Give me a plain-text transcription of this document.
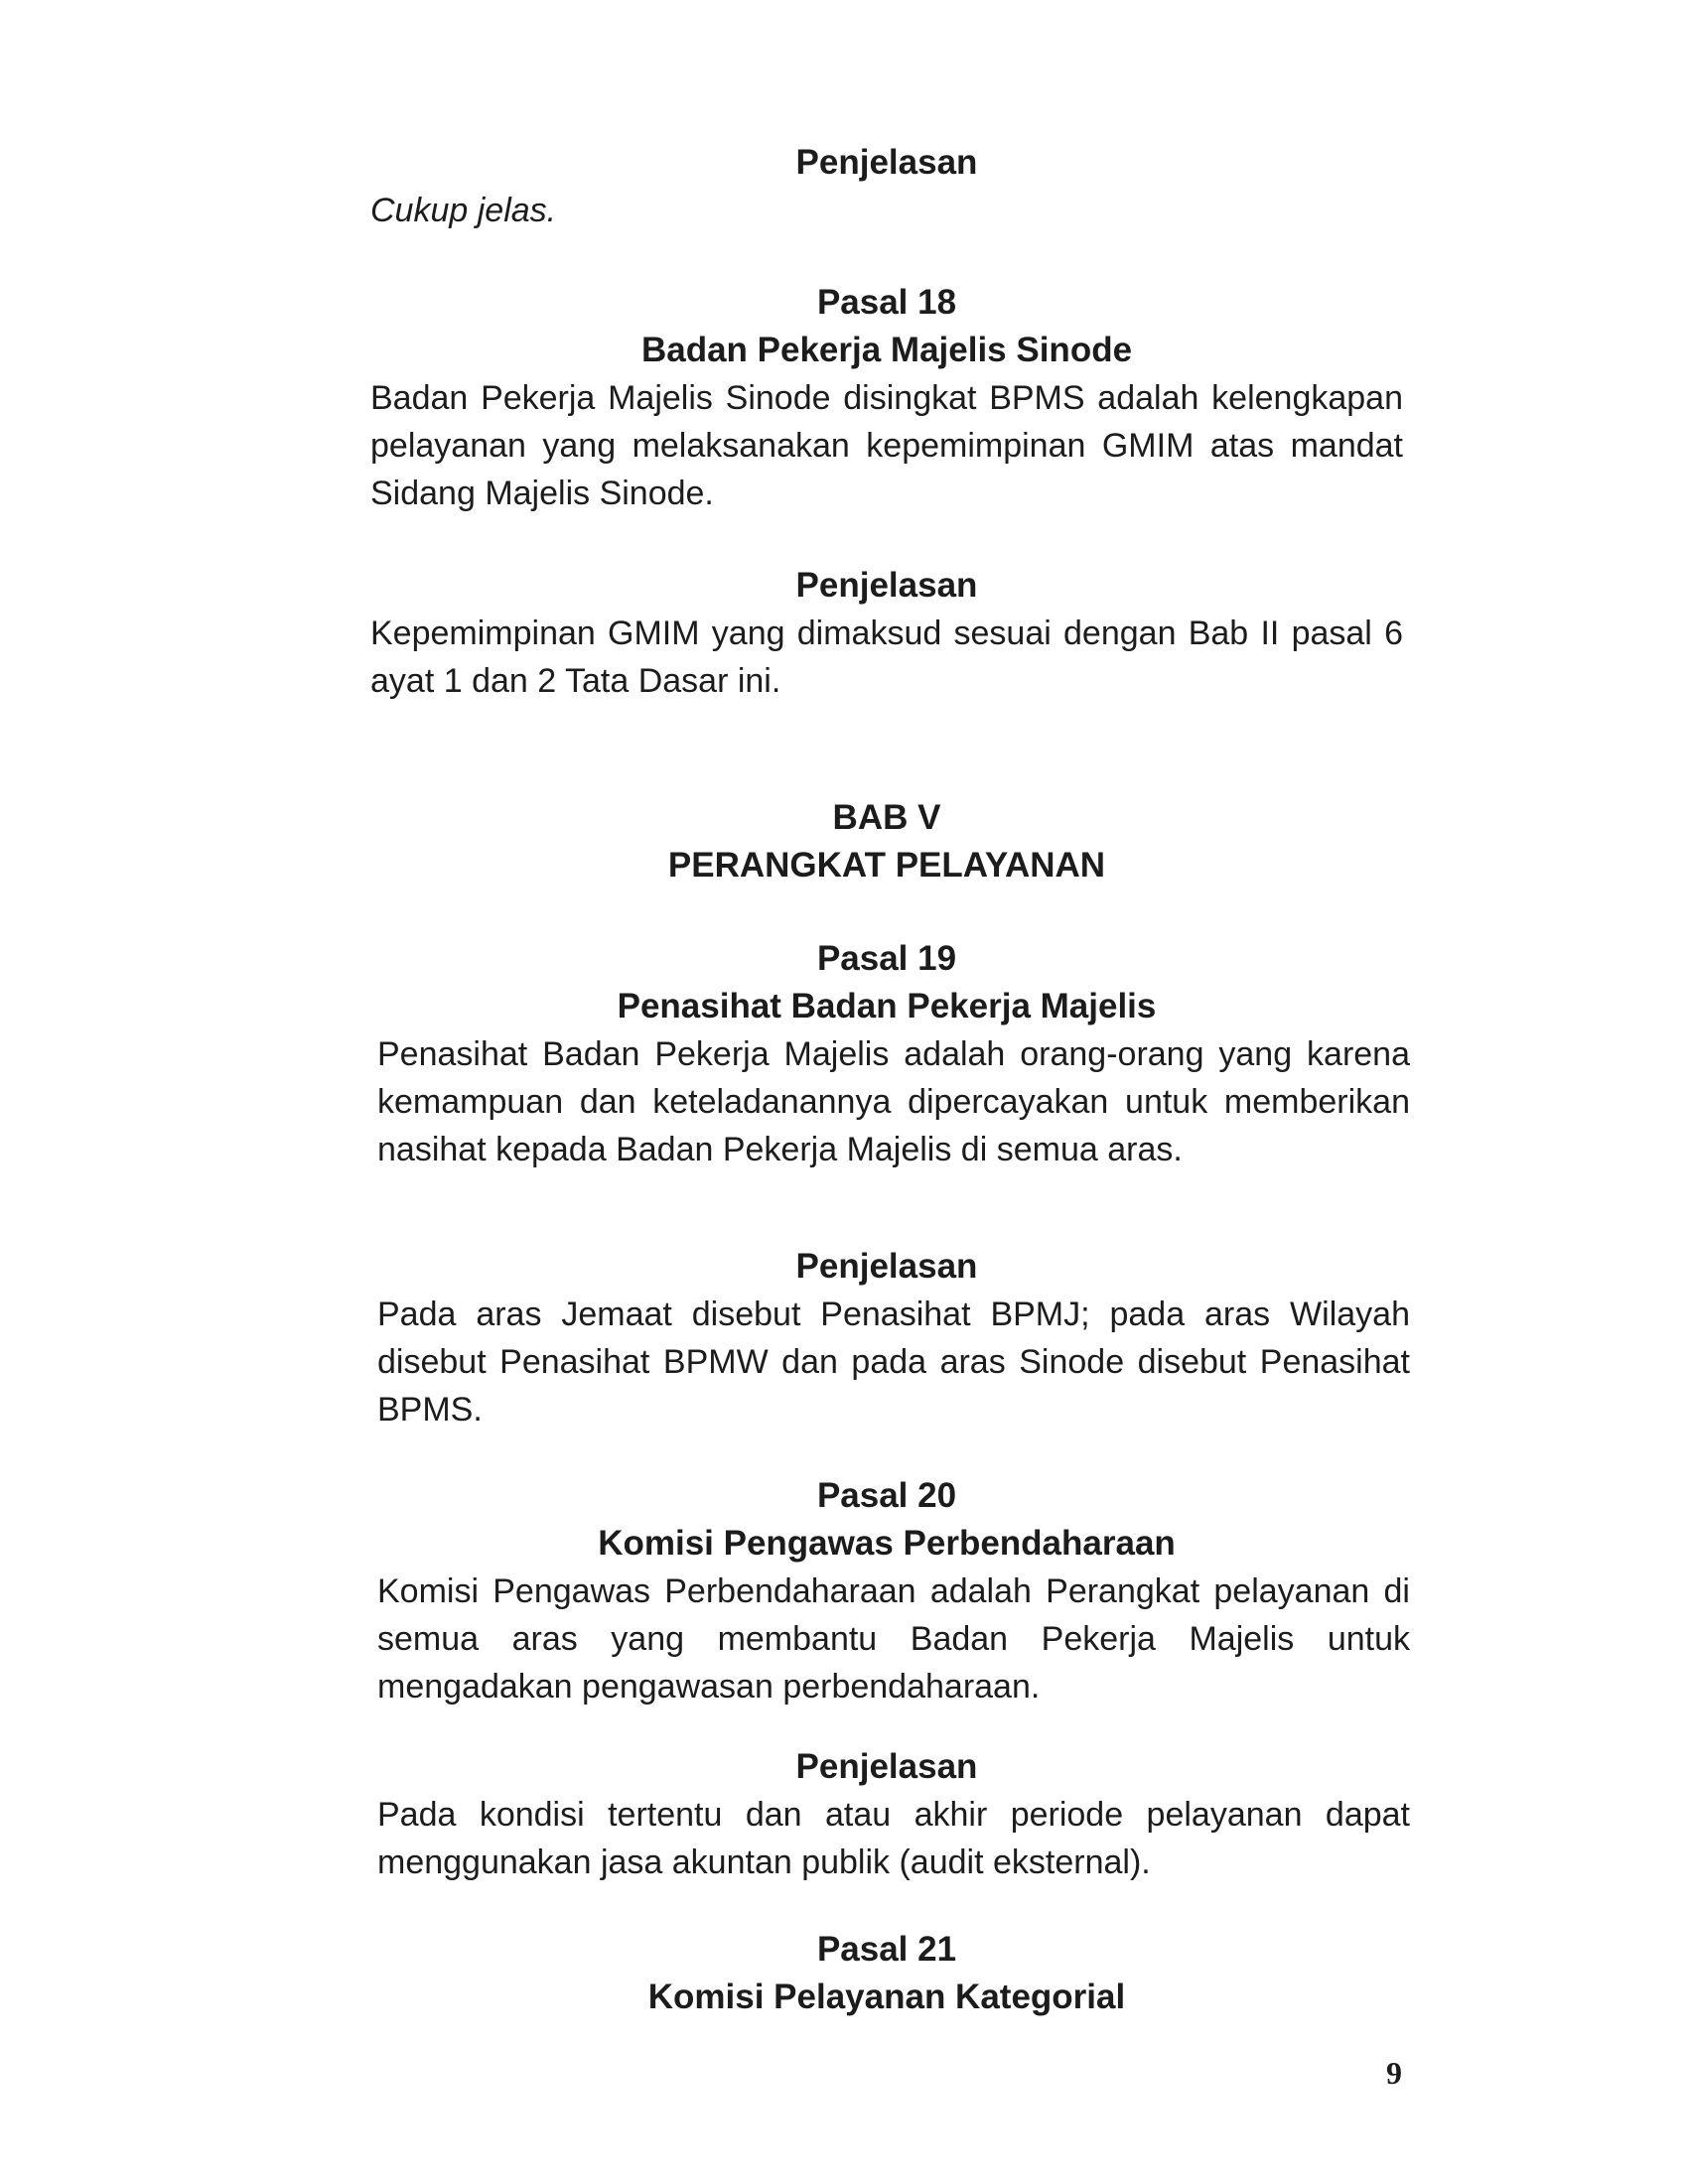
Penjelasan
Cukup jelas.
Pasal 18
Badan Pekerja Majelis Sinode

Badan Pekerja Majelis Sinode disingkat BPMS adalah kelengkapan pelayanan yang melaksanakan kepemimpinan GMIM atas mandat Sidang Majelis Sinode.

Penjelasan

Kepemimpinan GMIM yang dimaksud sesuai dengan Bab II pasal 6 ayat 1 dan 2 Tata Dasar ini.

BAB V
PERANGKAT PELAYANAN
Pasal 19
Penasihat Badan Pekerja Majelis

Penasihat Badan Pekerja Majelis adalah orang-orang yang karena kemampuan dan keteladanannya dipercayakan untuk memberikan nasihat kepada Badan Pekerja Majelis di semua aras.

Penjelasan

Pada aras Jemaat disebut Penasihat BPMJ; pada aras Wilayah disebut Penasihat BPMW dan pada aras Sinode disebut Penasihat BPMS.

Pasal 20
Komisi Pengawas Perbendaharaan

Komisi Pengawas Perbendaharaan adalah Perangkat pelayanan di semua aras yang membantu Badan Pekerja Majelis untuk mengadakan pengawasan perbendaharaan.

Penjelasan

Pada kondisi tertentu dan atau akhir periode pelayanan dapat menggunakan jasa akuntan publik (audit eksternal).

Pasal 21
Komisi Pelayanan Kategorial
9
